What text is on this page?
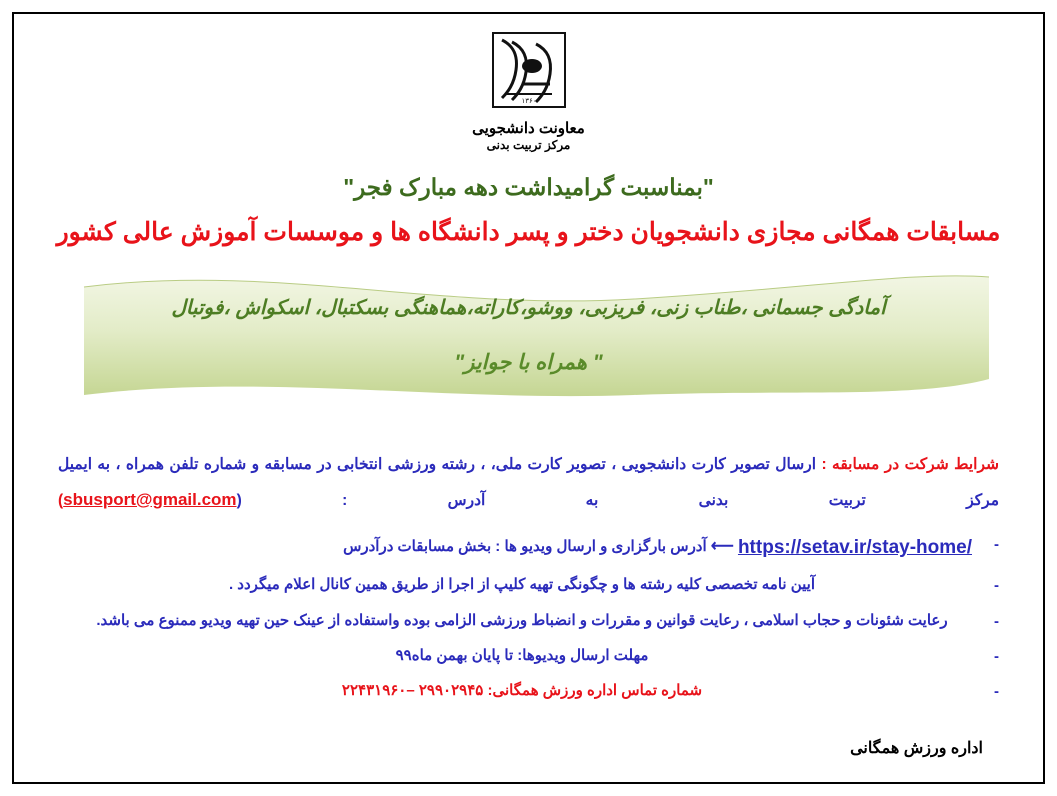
۱۳۶۰
معاونت دانشجویی
مرکز تربیت بدنی
"بمناسبت گرامیداشت دهه مبارک فجر"
مسابقات همگانی مجازی دانشجویان دختر و پسر دانشگاه ها و موسسات آموزش عالی کشور
آمادگی جسمانی ،طناب زنی، فریزبی، ووشو،کاراته،هماهنگی بسکتبال، اسکواش ،فوتبال
" همراه با جوایز"
شرایط شرکت در مسابقه : ارسال تصویر کارت دانشجویی ، تصویر کارت ملی، ، رشته ورزشی انتخابی در مسابقه و شماره تلفن همراه ، به ایمیل مرکز تربیت بدنی به آدرس : (sbusport@gmail.com)
-
https://setav.ir/stay-home/ ⟵ آدرس بارگزاری و ارسال ویدیو ها : بخش مسابقات درآدرس
-
آیین نامه تخصصی کلیه رشته ها و چگونگی تهیه کلیپ از اجرا از طریق همین کانال اعلام میگردد .
-
رعایت شئونات و حجاب اسلامی ، رعایت قوانین و مقررات و انضباط ورزشی الزامی بوده واستفاده از عینک حین تهیه ویدیو ممنوع می باشد.
-
مهلت ارسال ویدیوها: تا پایان بهمن ماه۹۹
-
شماره تماس اداره ورزش همگانی: ۲۹۹۰۲۹۴۵ –۲۲۴۳۱۹۶۰
اداره ورزش همگانی
